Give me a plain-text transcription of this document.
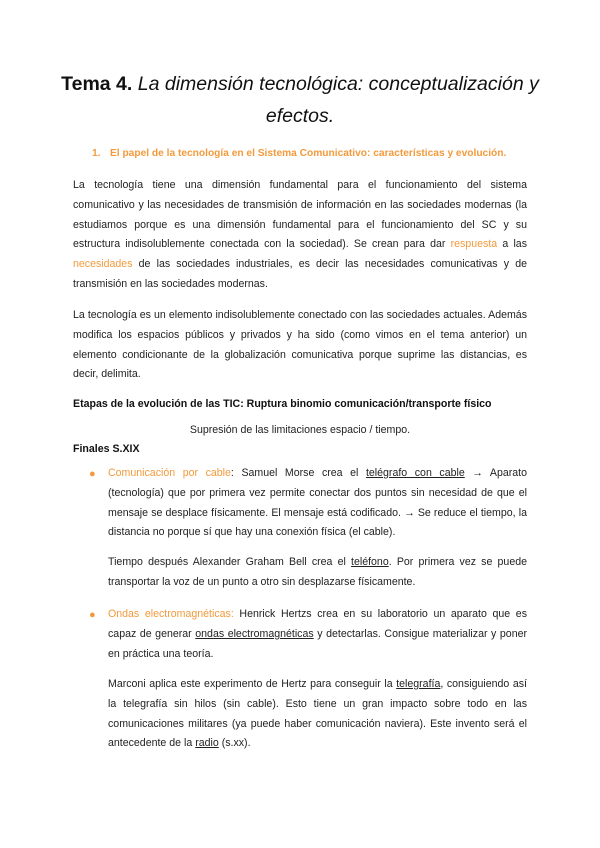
Tema 4. La dimensión tecnológica: conceptualización y efectos.
1. El papel de la tecnología en el Sistema Comunicativo: características y evolución.
La tecnología tiene una dimensión fundamental para el funcionamiento del sistema comunicativo y las necesidades de transmisión de información en las sociedades modernas (la estudiamos porque es una dimensión fundamental para el funcionamiento del SC y su estructura indisolublemente conectada con la sociedad). Se crean para dar respuesta a las necesidades de las sociedades industriales, es decir las necesidades comunicativas y de transmisión en las sociedades modernas.
La tecnología es un elemento indisolublemente conectado con las sociedades actuales. Además modifica los espacios públicos y privados y ha sido (como vimos en el tema anterior) un elemento condicionante de la globalización comunicativa porque suprime las distancias, es decir, delimita.
Etapas de la evolución de las TIC: Ruptura binomio comunicación/transporte físico
Supresión de las limitaciones espacio / tiempo.
Finales S.XIX
● Comunicación por cable: Samuel Morse crea el telégrafo con cable → Aparato (tecnología) que por primera vez permite conectar dos puntos sin necesidad de que el mensaje se desplace físicamente. El mensaje está codificado. → Se reduce el tiempo, la distancia no porque sí que hay una conexión física (el cable).
Tiempo después Alexander Graham Bell crea el teléfono. Por primera vez se puede transportar la voz de un punto a otro sin desplazarse físicamente.
● Ondas electromagnéticas: Henrick Hertzs crea en su laboratorio un aparato que es capaz de generar ondas electromagnéticas y detectarlas. Consigue materializar y poner en práctica una teoría.
Marconi aplica este experimento de Hertz para conseguir la telegrafía, consiguiendo así la telegrafía sin hilos (sin cable). Esto tiene un gran impacto sobre todo en las comunicaciones militares (ya puede haber comunicación naviera). Este invento será el antecedente de la radio (s.xx).
